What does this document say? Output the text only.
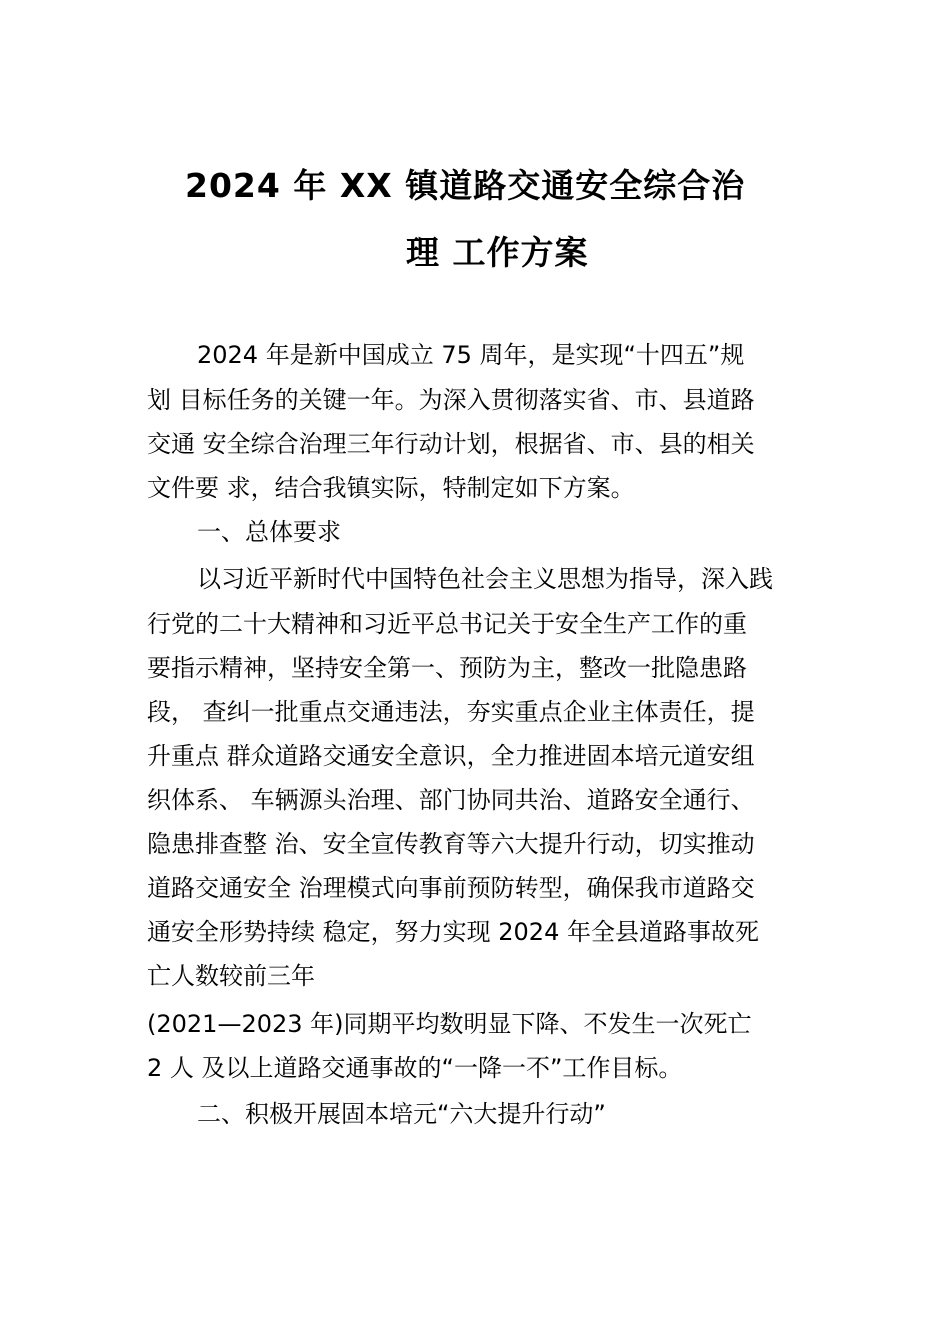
2024 年 XX 镇道路交通安全综合治
理 工作方案
2024 年是新中国成立 75 周年，是实现“十四五”规
划 目标任务的关键一年。为深入贯彻落实省、市、县道路
交通 安全综合治理三年行动计划，根据省、市、县的相关
文件要 求，结合我镇实际，特制定如下方案。
一、总体要求
以习近平新时代中国特色社会主义思想为指导，深入践
行党的二十大精神和习近平总书记关于安全生产工作的重
要指示精神，坚持安全第一、预防为主，整改一批隐患路
段， 查纠一批重点交通违法，夯实重点企业主体责任，提
升重点 群众道路交通安全意识，全力推进固本培元道安组
织体系、 车辆源头治理、部门协同共治、道路安全通行、
隐患排查整 治、安全宣传教育等六大提升行动，切实推动
道路交通安全 治理模式向事前预防转型，确保我市道路交
通安全形势持续 稳定，努力实现 2024 年全县道路事故死
亡人数较前三年
(2021—2023 年)同期平均数明显下降、不发生一次死亡
2 人 及以上道路交通事故的“一降一不”工作目标。
二、积极开展固本培元“六大提升行动”
